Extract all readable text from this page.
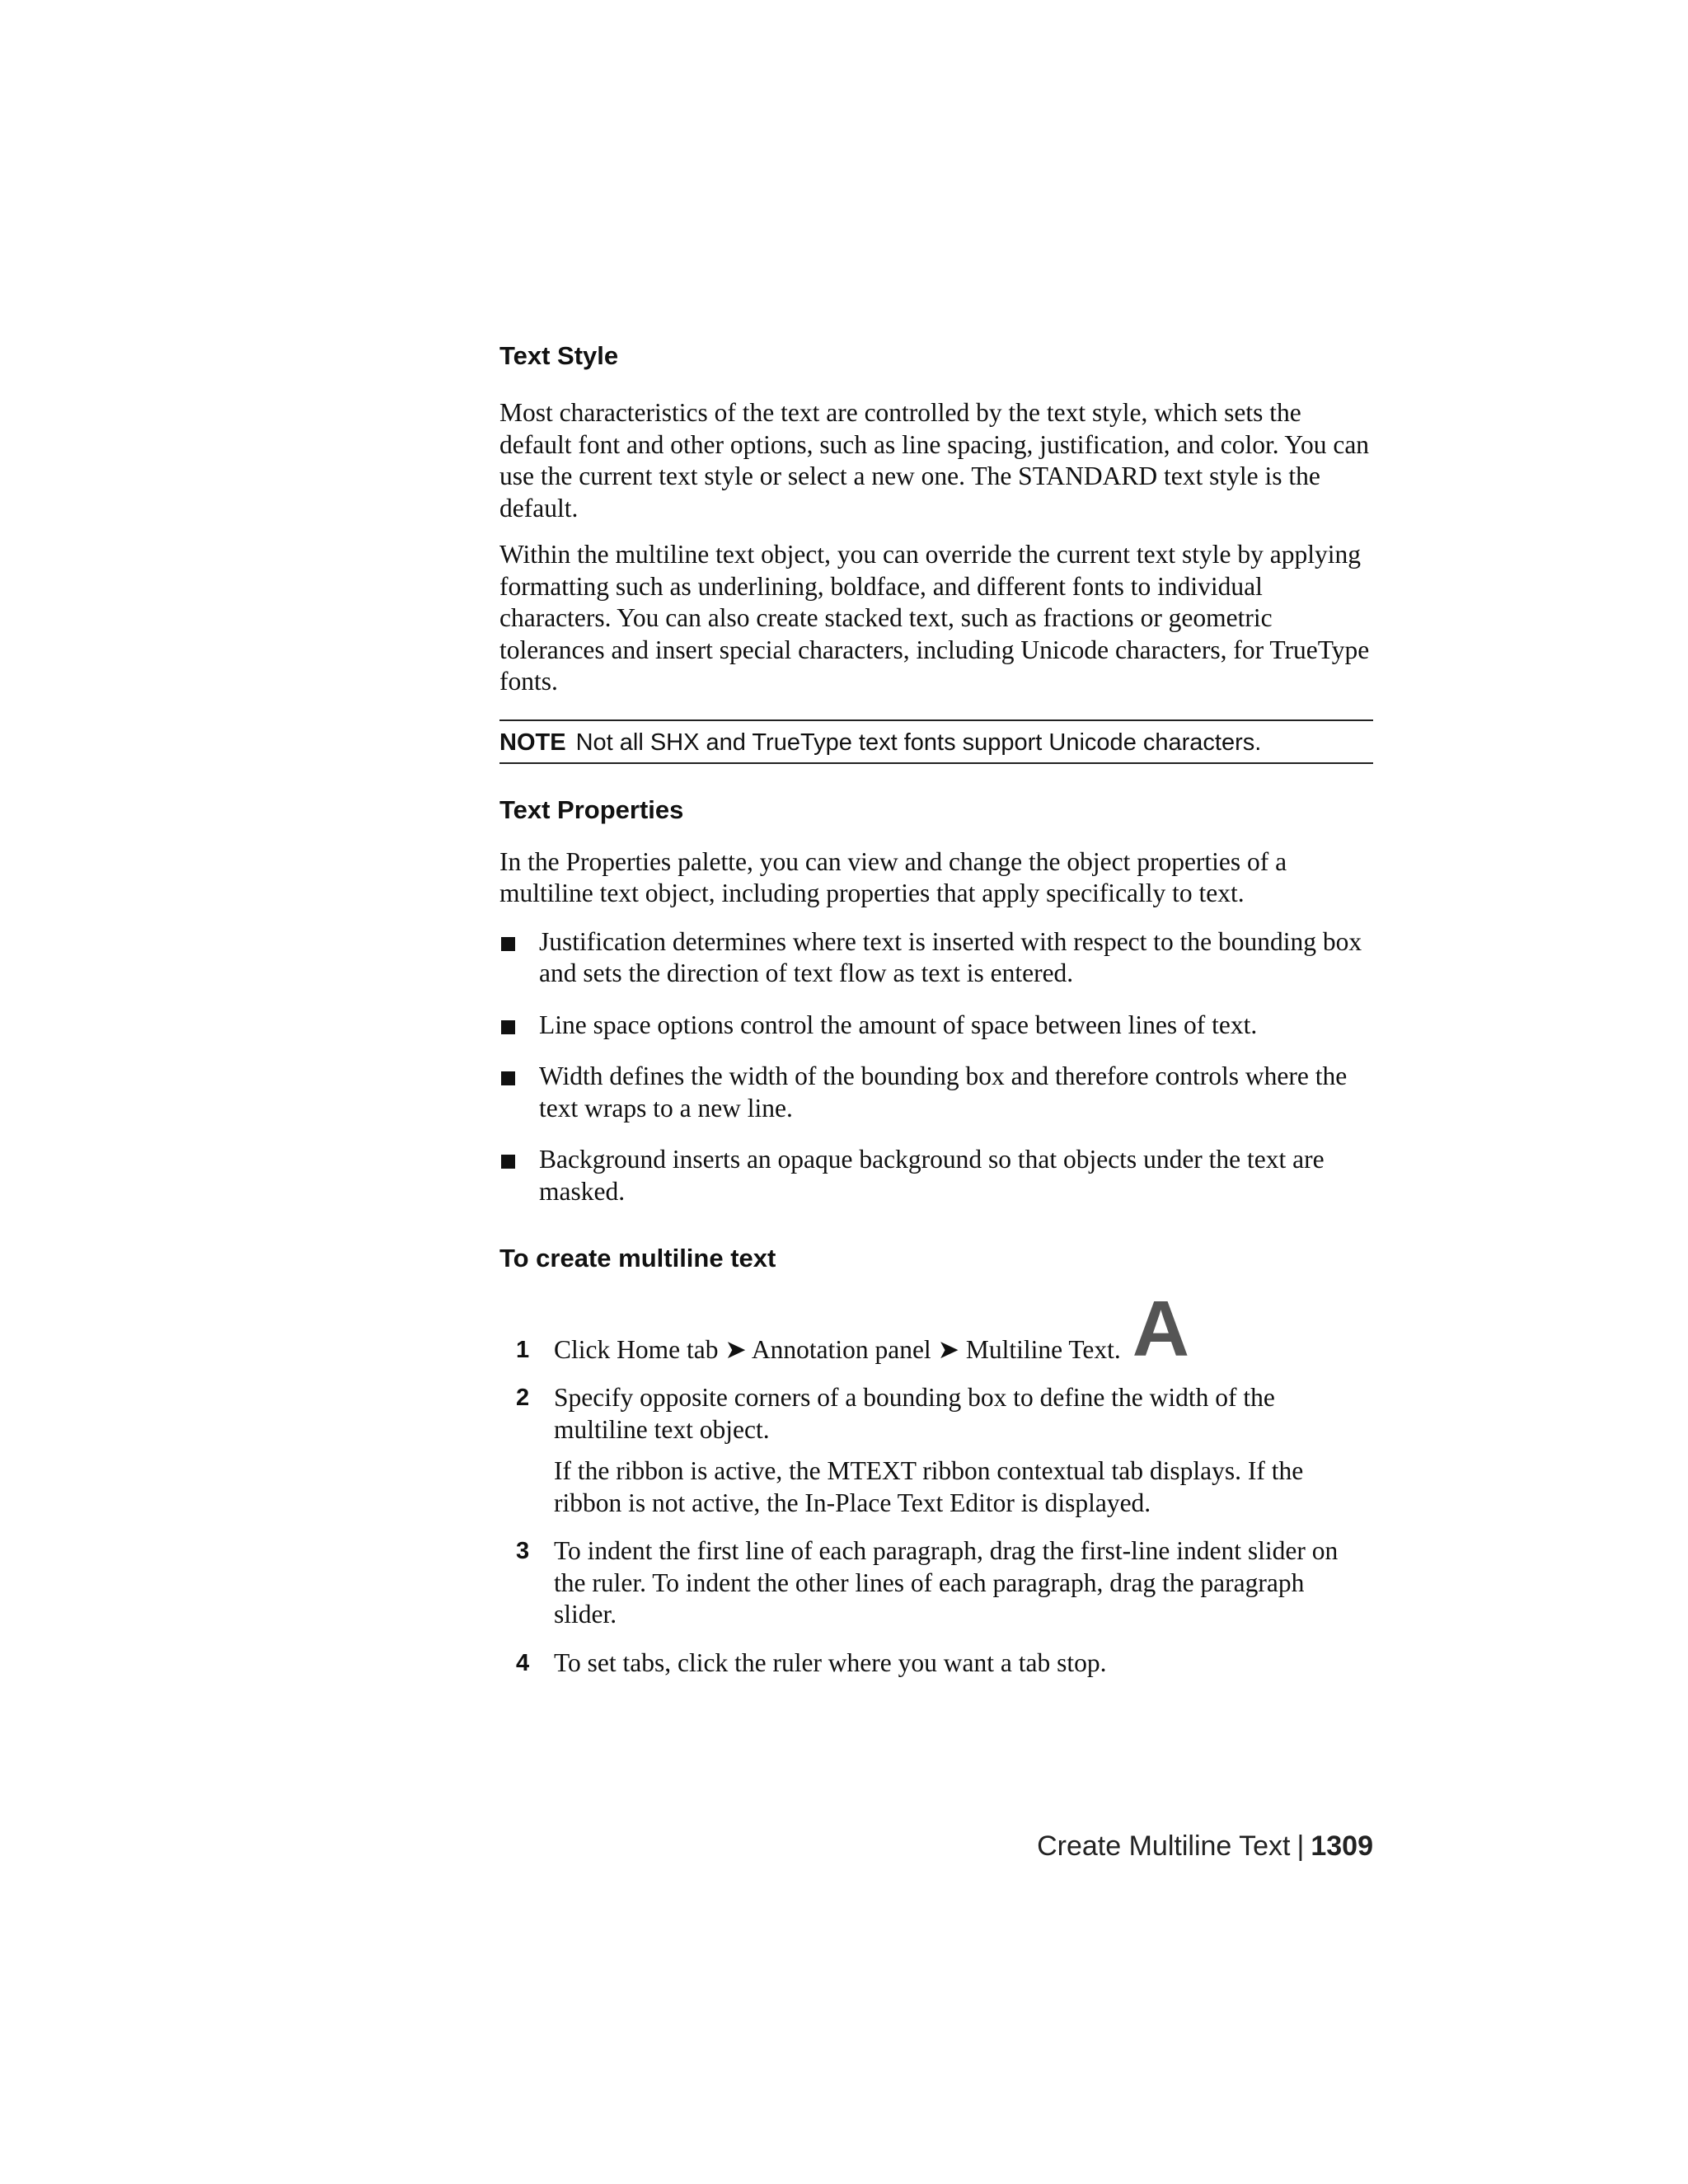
Text Style

Most characteristics of the text are controlled by the text style, which sets the default font and other options, such as line spacing, justification, and color. You can use the current text style or select a new one. The STANDARD text style is the default.

Within the multiline text object, you can override the current text style by applying formatting such as underlining, boldface, and different fonts to individual characters. You can also create stacked text, such as fractions or geometric tolerances and insert special characters, including Unicode characters, for TrueType fonts.

NOTE Not all SHX and TrueType text fonts support Unicode characters.
Text Properties

In the Properties palette, you can view and change the object properties of a multiline text object, including properties that apply specifically to text.

Justification determines where text is inserted with respect to the bounding box and sets the direction of text flow as text is entered.
Line space options control the amount of space between lines of text.
Width defines the width of the bounding box and therefore controls where the text wraps to a new line.
Background inserts an opaque background so that objects under the text are masked.
To create multiline text
1 Click Home tab ➤ Annotation panel ➤ Multiline Text. A
2 Specify opposite corners of a bounding box to define the width of the multiline text object.
If the ribbon is active, the MTEXT ribbon contextual tab displays. If the ribbon is not active, the In-Place Text Editor is displayed.
3 To indent the first line of each paragraph, drag the first-line indent slider on the ruler. To indent the other lines of each paragraph, drag the paragraph slider.
4 To set tabs, click the ruler where you want a tab stop.
Create Multiline Text | 1309
